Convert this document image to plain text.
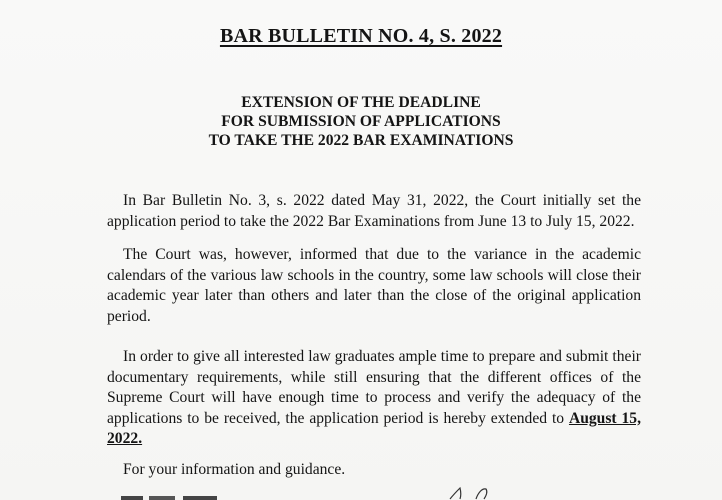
BAR BULLETIN NO. 4, S. 2022
EXTENSION OF THE DEADLINE
FOR SUBMISSION OF APPLICATIONS
TO TAKE THE 2022 BAR EXAMINATIONS

In Bar Bulletin No. 3, s. 2022 dated May 31, 2022, the Court initially set the application period to take the 2022 Bar Examinations from June 13 to July 15, 2022.

The Court was, however, informed that due to the variance in the academic calendars of the various law schools in the country, some law schools will close their academic year later than others and later than the close of the original application period.

In order to give all interested law graduates ample time to prepare and submit their documentary requirements, while still ensuring that the different offices of the Supreme Court will have enough time to process and verify the adequacy of the applications to be received, the application period is hereby extended to August 15, 2022.

For your information and guidance.
